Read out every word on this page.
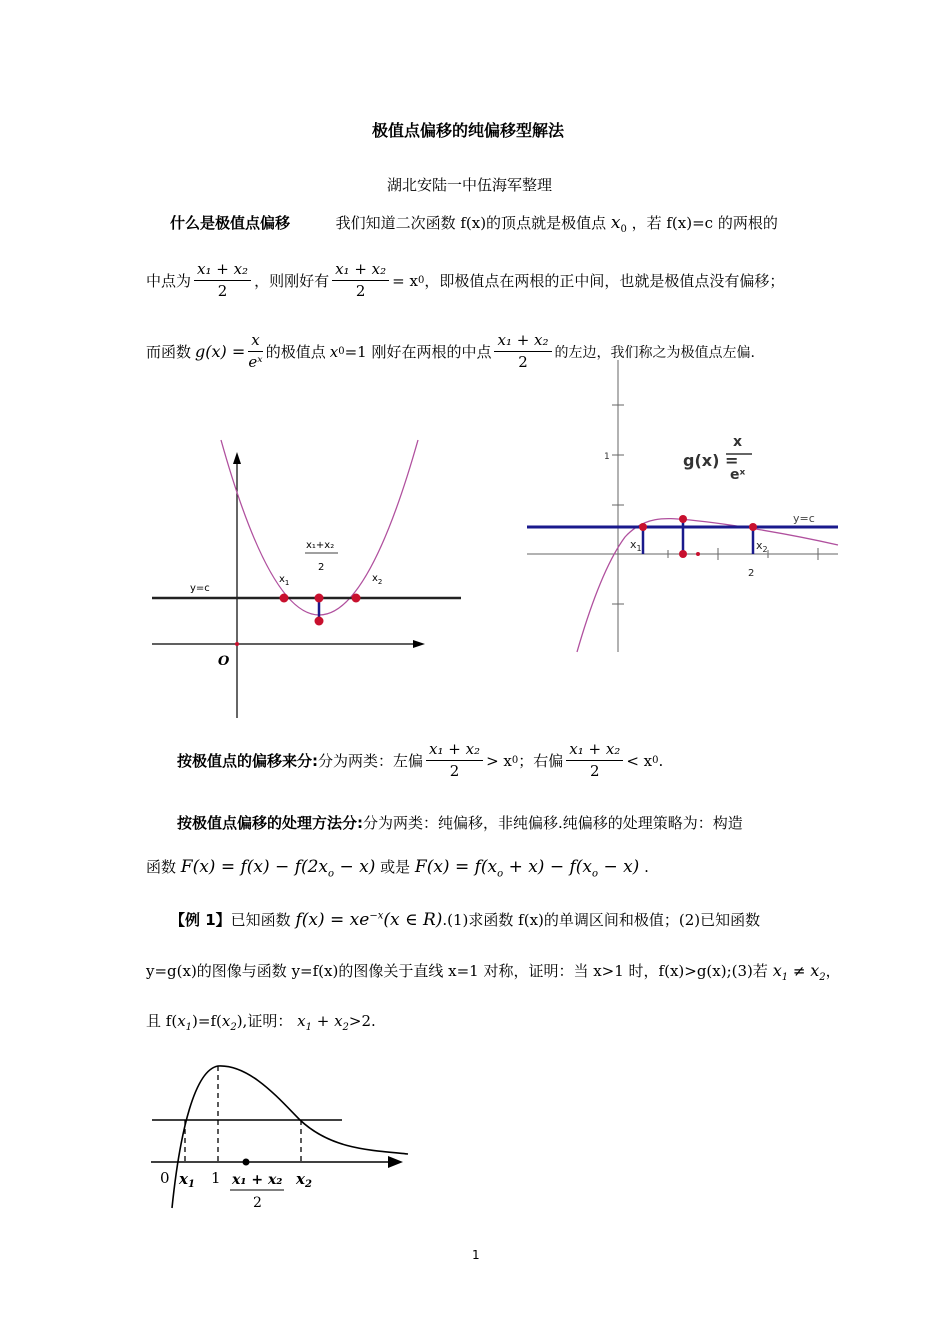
极值点偏移的纯偏移型解法
湖北安陆一中伍海军整理
什么是极值点偏移	我们知道二次函数 f(x)的顶点就是极值点 $x_0$ ，若 f(x)=c 的两根的
中点为 $\frac{\text{x₁ + x₂}}{2}$ ，则刚好有 $\frac{\text{x₁ + x₂}}{2} = x$ 0 ，即极值点在两根的正中间，也就是极值点没有偏移；
而函数 $g(x) = \frac{x}{\text{eˣ}}$ 的极值点 x 0 =1 刚好在两根的中点 $\frac{\text{x₁ + x₂}}{2}$ 的左边，我们称之为极值点左偏.
y=c
$x_1$	$x_2$
x₁+x₂
2
O
1
$x_1$	$x_2$
2
y=c
g(x) =
x
eˣ
按极值点的偏移来分: 分为两类：左偏 $\frac{\text{x₁ + x₂}}{2} > x$ 0 ；右偏 $\frac{\text{x₁ + x₂}}{2} < x$ 0 .
按极值点偏移的处理方法分:分为两类：纯偏移，非纯偏移.纯偏移的处理策略为：构造
函数 $F(x) = f(x) - f(2x_o - x)$ 或是 $F(x) = f(x_o + x) - f(x_o - x)$ .
【例 1】已知函数 $f(x) = xe^{-x}(x$ ∈ R).(1)求函数 f(x)的单调区间和极值；(2)已知函数
y=g(x)的图像与函数 y=f(x)的图像关于直线 x=1 对称，证明：当 x>1 时，f(x)>g(x);(3)若 $x_1 \ne x_2$，
且 $f(x_1)=f(x_2)$,证明： $x_1 + x_2>2$.
0 $x_1$ 1 x₁ + x₂
2
$x_2$
1
